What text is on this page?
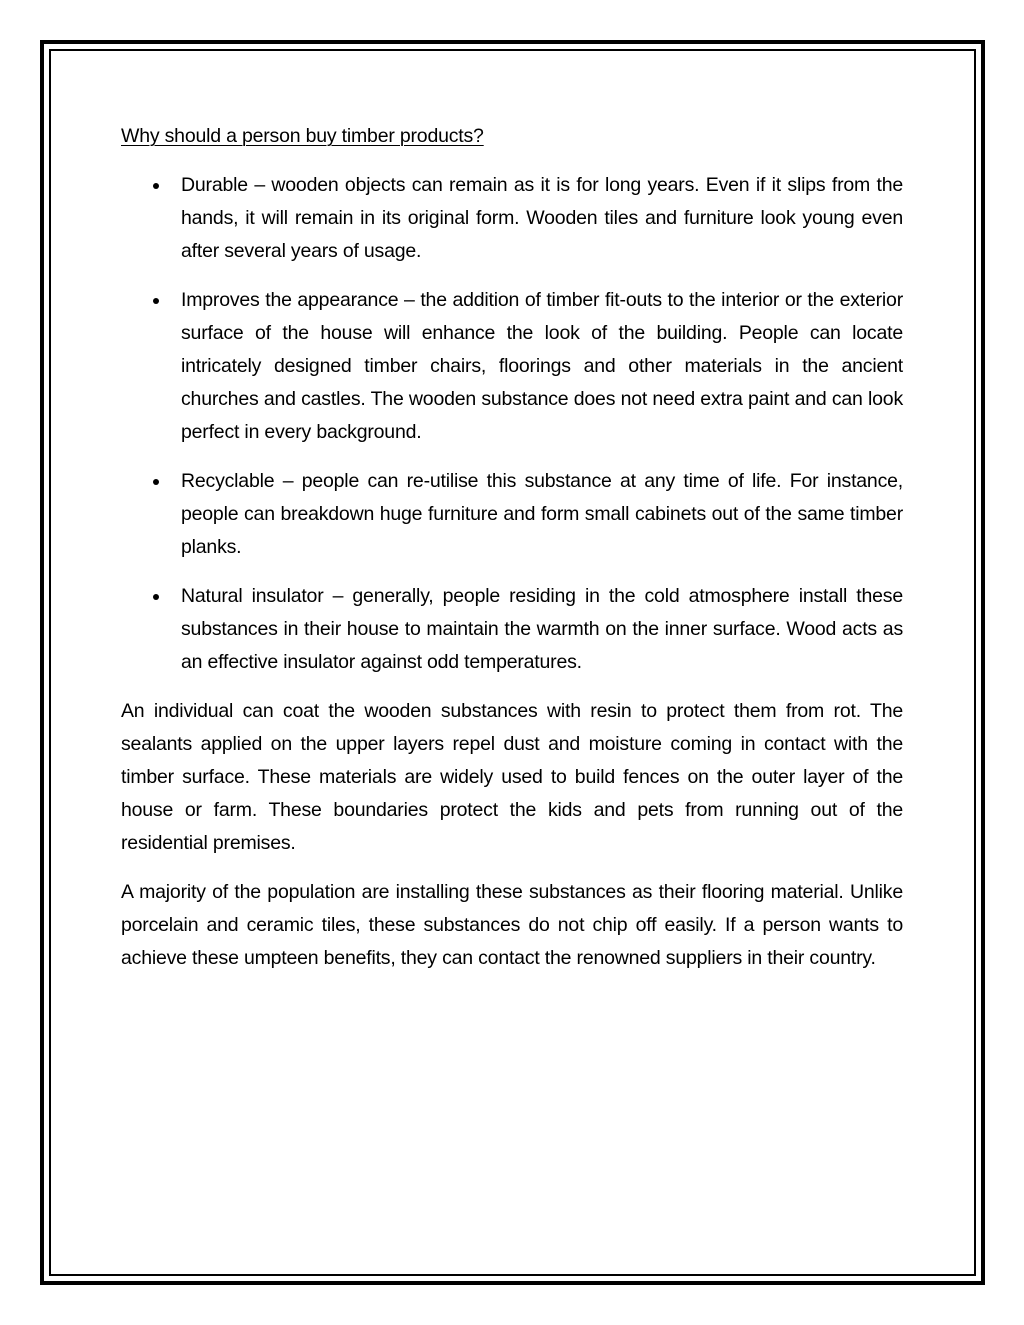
Why should a person buy timber products?
Durable – wooden objects can remain as it is for long years. Even if it slips from the hands, it will remain in its original form. Wooden tiles and furniture look young even after several years of usage.
Improves the appearance – the addition of timber fit-outs to the interior or the exterior surface of the house will enhance the look of the building. People can locate intricately designed timber chairs, floorings and other materials in the ancient churches and castles. The wooden substance does not need extra paint and can look perfect in every background.
Recyclable – people can re-utilise this substance at any time of life. For instance, people can breakdown huge furniture and form small cabinets out of the same timber planks.
Natural insulator – generally, people residing in the cold atmosphere install these substances in their house to maintain the warmth on the inner surface. Wood acts as an effective insulator against odd temperatures.

An individual can coat the wooden substances with resin to protect them from rot. The sealants applied on the upper layers repel dust and moisture coming in contact with the timber surface. These materials are widely used to build fences on the outer layer of the house or farm. These boundaries protect the kids and pets from running out of the residential premises.

A majority of the population are installing these substances as their flooring material. Unlike porcelain and ceramic tiles, these substances do not chip off easily. If a person wants to achieve these umpteen benefits, they can contact the renowned suppliers in their country.
